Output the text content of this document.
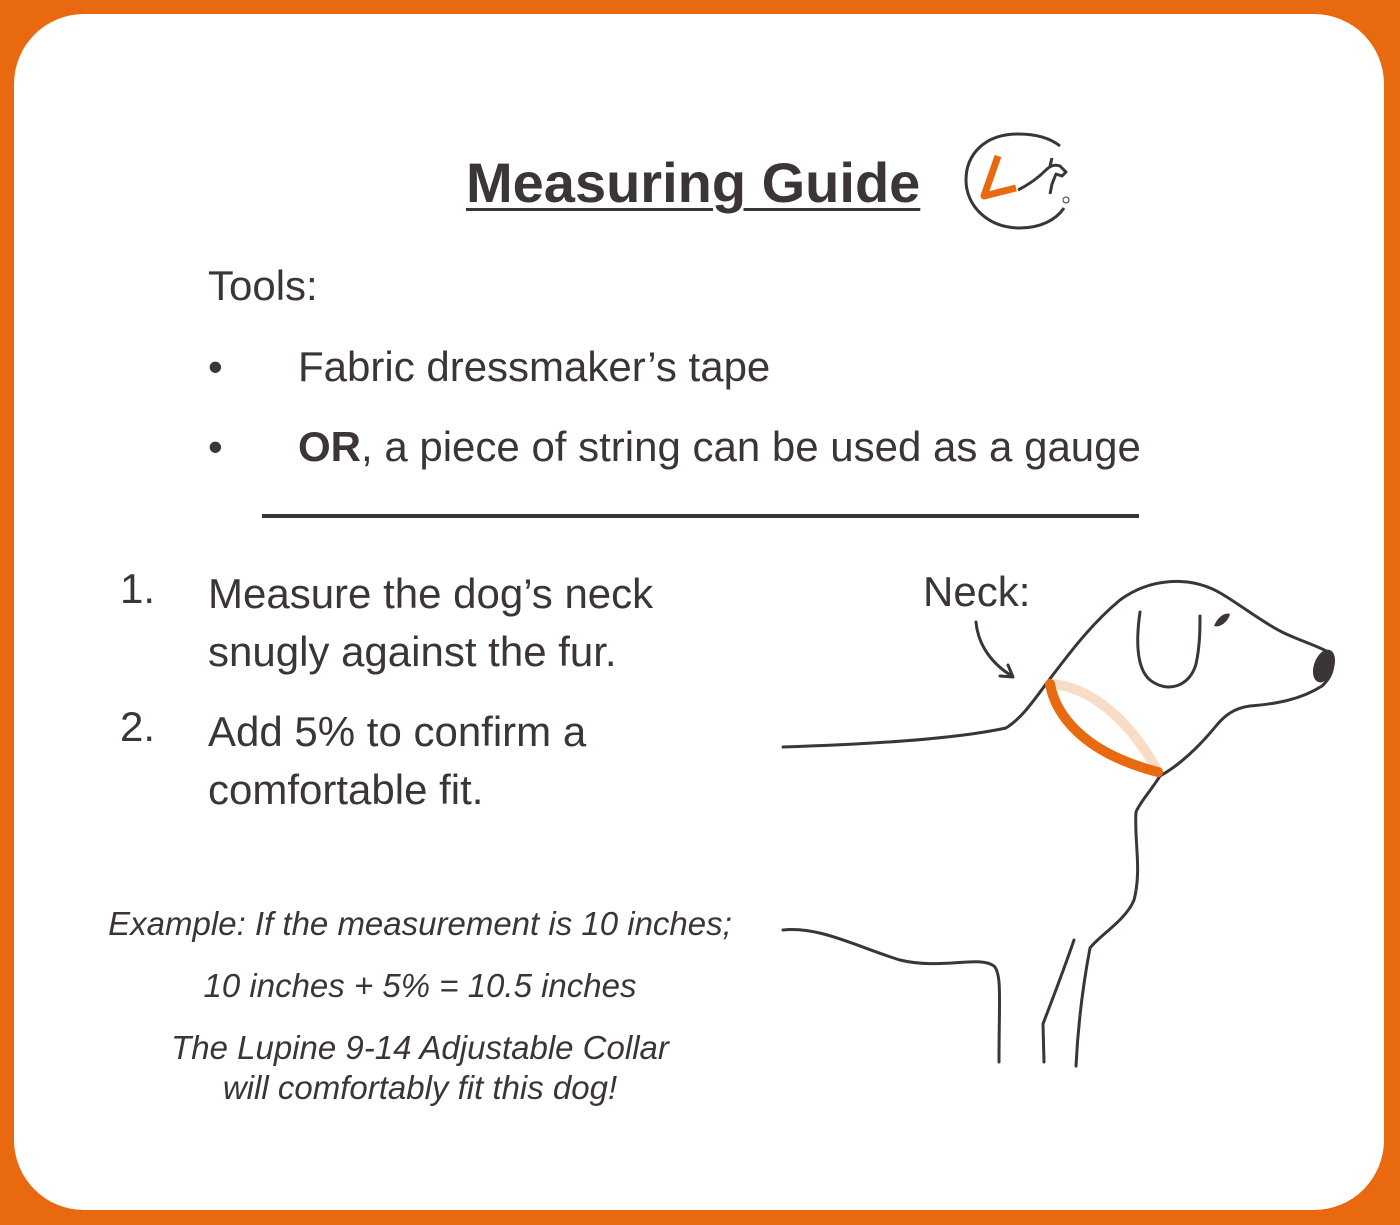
Measuring Guide
Tools:
• Fabric dressmaker’s tape
• OR, a piece of string can be used as a gauge
1. Measure the dog’s neck snugly against the fur.
2. Add 5% to confirm a comfortable fit.
Example: If the measurement is 10 inches;
10 inches + 5% = 10.5 inches
The Lupine 9-14 Adjustable Collar
will comfortably fit this dog!
Neck:
